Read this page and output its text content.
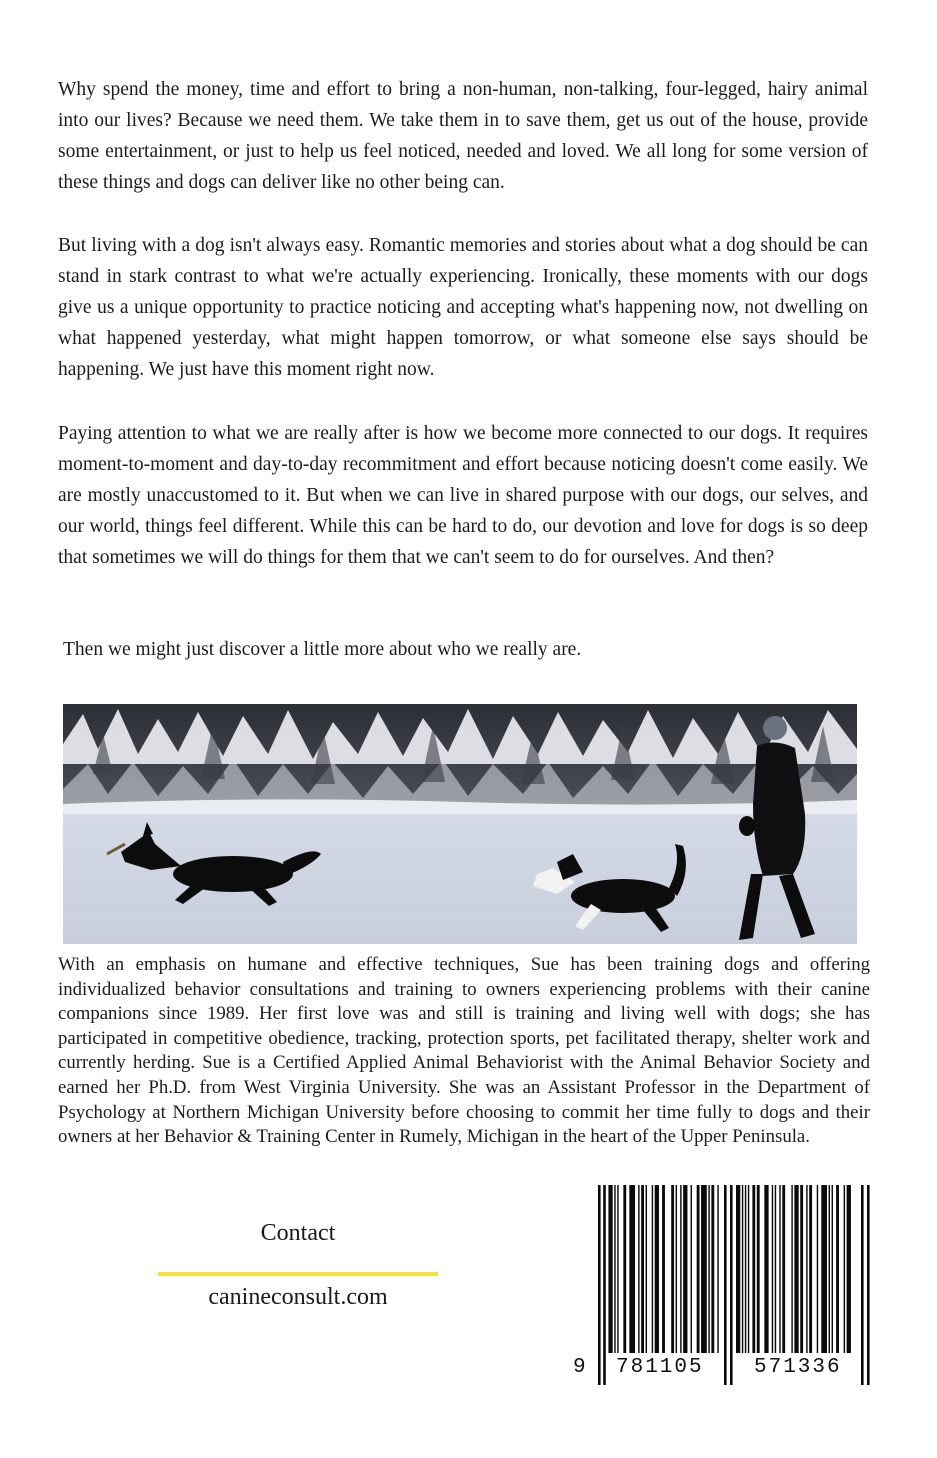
Why spend the money, time and effort to bring a non-human, non-talking, four-legged, hairy animal into our lives? Because we need them. We take them in to save them, get us out of the house, provide some entertainment, or just to help us feel noticed, needed and loved. We all long for some version of these things and dogs can deliver like no other being can.

But living with a dog isn't always easy. Romantic memories and stories about what a dog should be can stand in stark contrast to what we're actually experiencing. Ironically, these moments with our dogs give us a unique opportunity to practice noticing and accepting what's happening now, not dwelling on what happened yesterday, what might happen tomorrow, or what someone else says should be happening. We just have this moment right now.

Paying attention to what we are really after is how we become more connected to our dogs. It requires moment-to-moment and day-to-day recommitment and effort because noticing doesn't come easily. We are mostly unaccustomed to it. But when we can live in shared purpose with our dogs, our selves, and our world, things feel different. While this can be hard to do, our devotion and love for dogs is so deep that sometimes we will do things for them that we can't seem to do for ourselves. And then?

Then we might just discover a little more about who we really are.

With an emphasis on humane and effective techniques, Sue has been training dogs and offering individualized behavior consultations and training to owners experiencing problems with their canine companions since 1989. Her first love was and still is training and living well with dogs; she has participated in competitive obedience, tracking, protection sports, pet facilitated therapy, shelter work and currently herding. Sue is a Certified Applied Animal Behaviorist with the Animal Behavior Society and earned her Ph.D. from West Virginia University. She was an Assistant Professor in the Department of Psychology at Northern Michigan University before choosing to commit her time fully to dogs and their owners at her Behavior & Training Center in Rumely, Michigan in the heart of the Upper Peninsula.

Contact
canineconsult.com
9 781105 571336
